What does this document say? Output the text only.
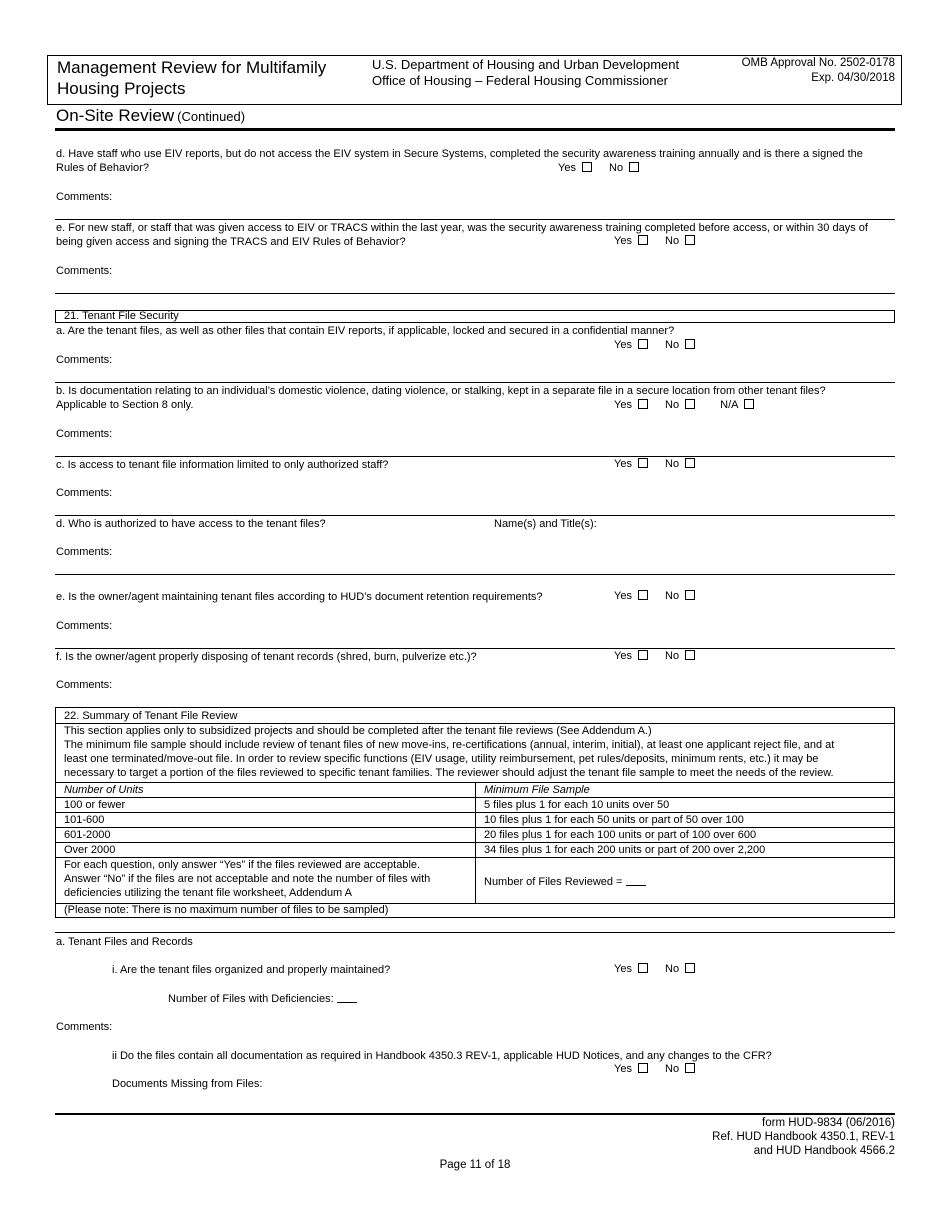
Management Review for Multifamily
Housing Projects
U.S. Department of Housing and Urban Development
Office of Housing – Federal Housing Commissioner
OMB Approval No. 2502-0178
Exp. 04/30/2018
On-Site Review (Continued)
d. Have staff who use EIV reports, but do not access the EIV system in Secure Systems, completed the security awareness training annually and is there a signed the
Rules of Behavior?	Yes	No
Comments:
e. For new staff, or staff that was given access to EIV or TRACS within the last year, was the security awareness training completed before access, or within 30 days of
being given access and signing the TRACS and EIV Rules of Behavior?	Yes	No
Comments:
21. Tenant File Security
a. Are the tenant files, as well as other files that contain EIV reports, if applicable, locked and secured in a confidential manner?
Yes	No
Comments:
b. Is documentation relating to an individual’s domestic violence, dating violence, or stalking, kept in a separate file in a secure location from other tenant files?
Applicable to Section 8 only.	Yes	No	N/A
Comments:
c. Is access to tenant file information limited to only authorized staff?	Yes	No
Comments:
d. Who is authorized to have access to the tenant files?	Name(s) and Title(s):
Comments:
e. Is the owner/agent maintaining tenant files according to HUD’s document retention requirements?	Yes	No
Comments:
f. Is the owner/agent properly disposing of tenant records (shred, burn, pulverize etc.)?	Yes	No
Comments:
22. Summary of Tenant File Review
This section applies only to subsidized projects and should be completed after the tenant file reviews (See Addendum A.)
The minimum file sample should include review of tenant files of new move-ins, re-certifications (annual, interim, initial), at least one applicant reject file, and at
least one terminated/move-out file. In order to review specific functions (EIV usage, utility reimbursement, pet rules/deposits, minimum rents, etc.) it may be
necessary to target a portion of the files reviewed to specific tenant families. The reviewer should adjust the tenant file sample to meet the needs of the review.
Number of Units	Minimum File Sample
100 or fewer	5 files plus 1 for each 10 units over 50
101-600	10 files plus 1 for each 50 units or part of 50 over 100
601-2000	20 files plus 1 for each 100 units or part of 100 over 600
Over 2000	34 files plus 1 for each 200 units or part of 200 over 2,200
For each question, only answer “Yes” if the files reviewed are acceptable.
Answer “No” if the files are not acceptable and note the number of files with
deficiencies utilizing the tenant file worksheet, Addendum A
Number of Files Reviewed =
(Please note: There is no maximum number of files to be sampled)
a. Tenant Files and Records
i. Are the tenant files organized and properly maintained?	Yes	No
Number of Files with Deficiencies:
Comments:
ii Do the files contain all documentation as required in Handbook 4350.3 REV-1, applicable HUD Notices, and any changes to the CFR?
Yes	No
Documents Missing from Files:
form HUD-9834 (06/2016)
Ref. HUD Handbook 4350.1, REV-1
and HUD Handbook 4566.2
Page 11 of 18
